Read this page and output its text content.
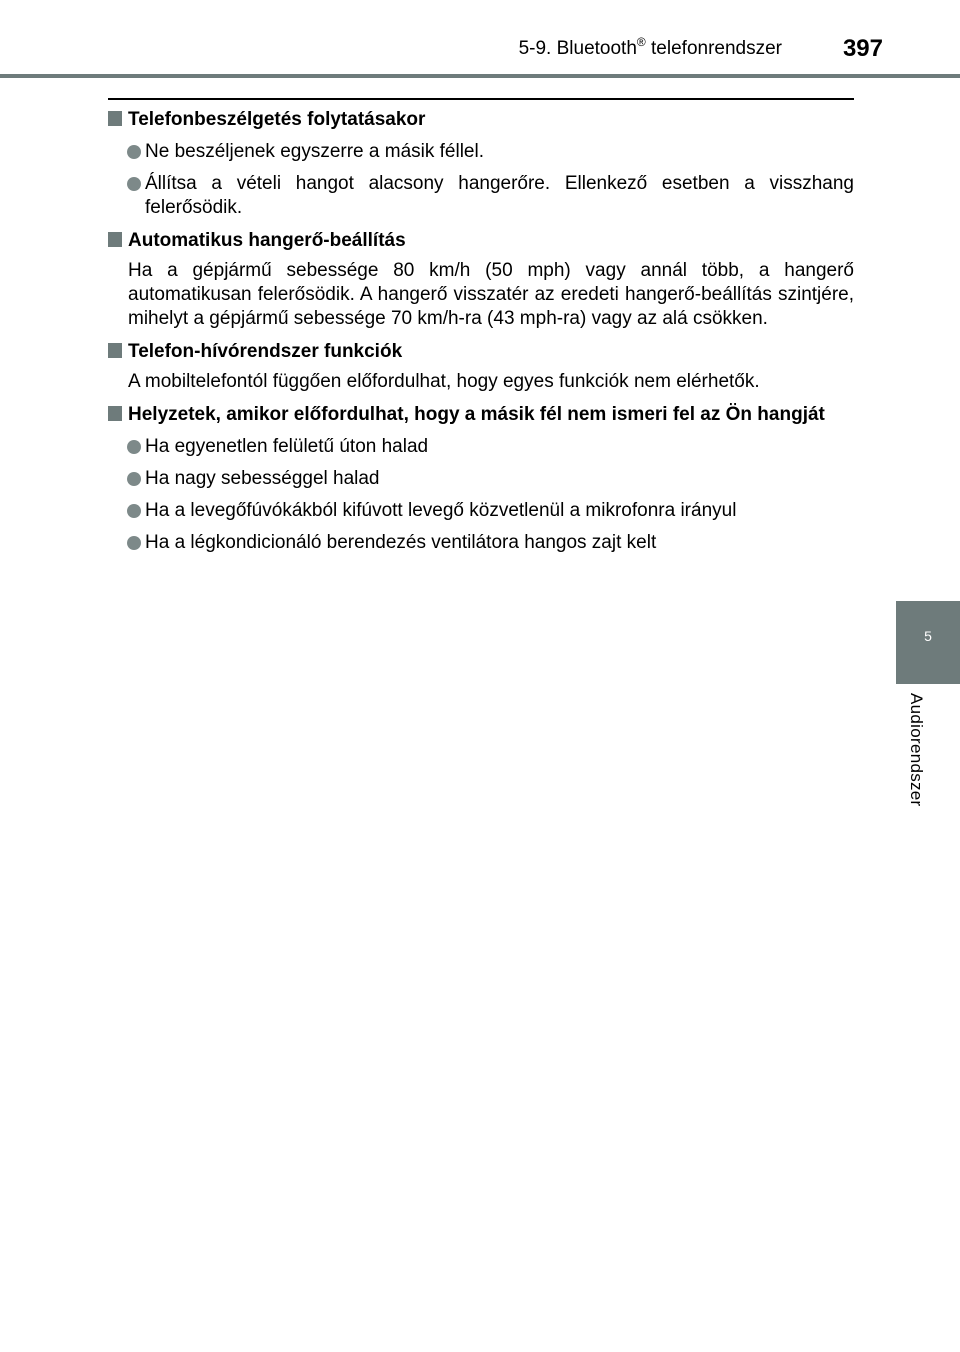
5-9. Bluetooth® telefonrendszer	397
5
Audiorendszer
Telefonbeszélgetés folytatásakor
Ne beszéljenek egyszerre a másik féllel.
Állítsa a vételi hangot alacsony hangerőre. Ellenkező esetben a visszhang felerősödik.
Automatikus hangerő-beállítás
Ha a gépjármű sebessége 80 km/h (50 mph) vagy annál több, a hangerő automatikusan felerősödik. A hangerő visszatér az eredeti hangerő-beállítás szintjére, mihelyt a gépjármű sebessége 70 km/h-ra (43 mph-ra) vagy az alá csökken.
Telefon-hívórendszer funkciók
A mobiltelefontól függően előfordulhat, hogy egyes funkciók nem elérhetők.
Helyzetek, amikor előfordulhat, hogy a másik fél nem ismeri fel az Ön hangját
Ha egyenetlen felületű úton halad
Ha nagy sebességgel halad
Ha a levegőfúvókákból kifúvott levegő közvetlenül a mikrofonra irányul
Ha a légkondicionáló berendezés ventilátora hangos zajt kelt
